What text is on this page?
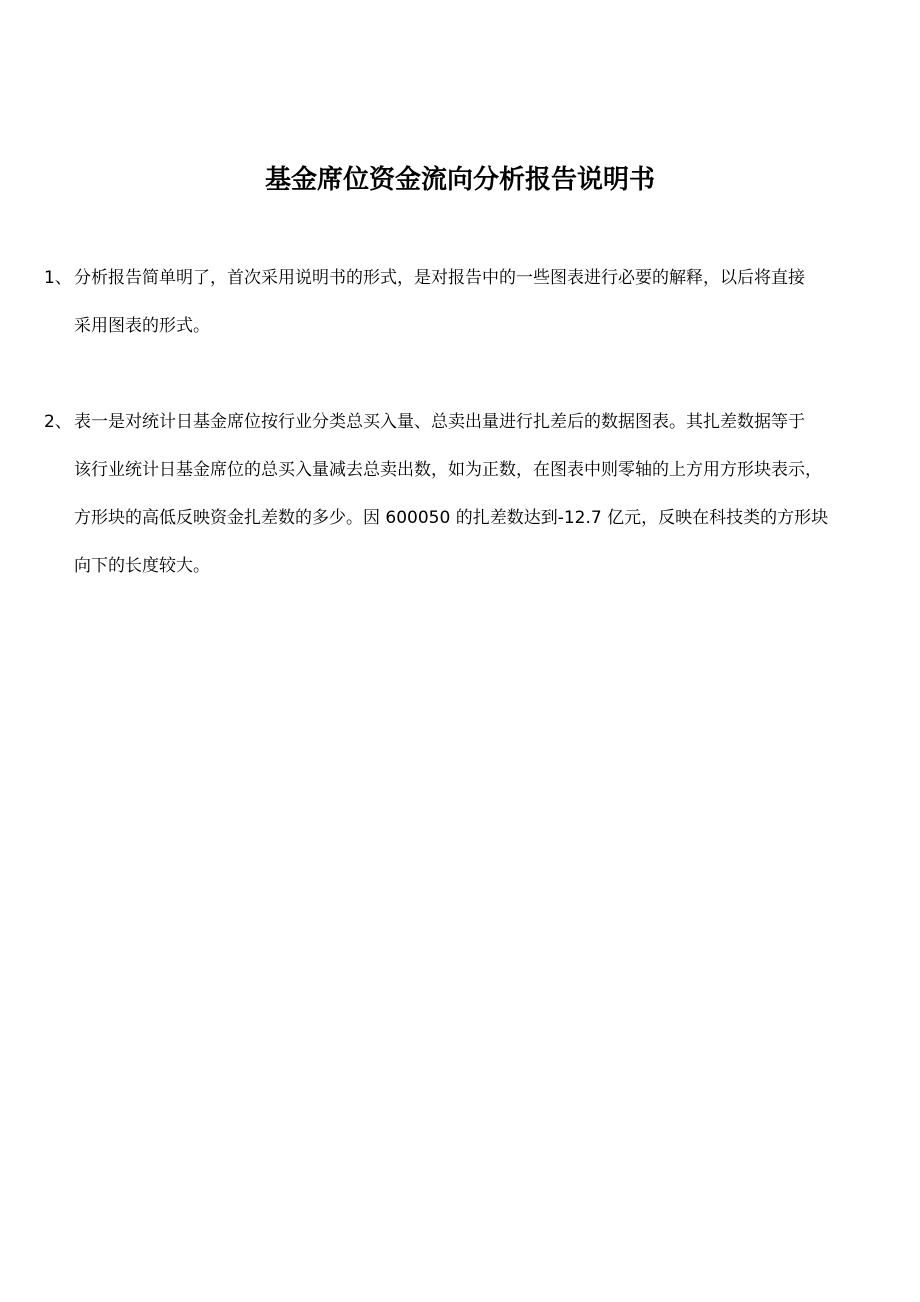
基金席位资金流向分析报告说明书
1、 分析报告简单明了，首次采用说明书的形式，是对报告中的一些图表进行必要的解释，以后将直接
采用图表的形式。
2、 表一是对统计日基金席位按行业分类总买入量、总卖出量进行扎差后的数据图表。其扎差数据等于
该行业统计日基金席位的总买入量减去总卖出数，如为正数，在图表中则零轴的上方用方形块表示，
方形块的高低反映资金扎差数的多少。因 600050 的扎差数达到-12.7 亿元，反映在科技类的方形块
向下的长度较大。
